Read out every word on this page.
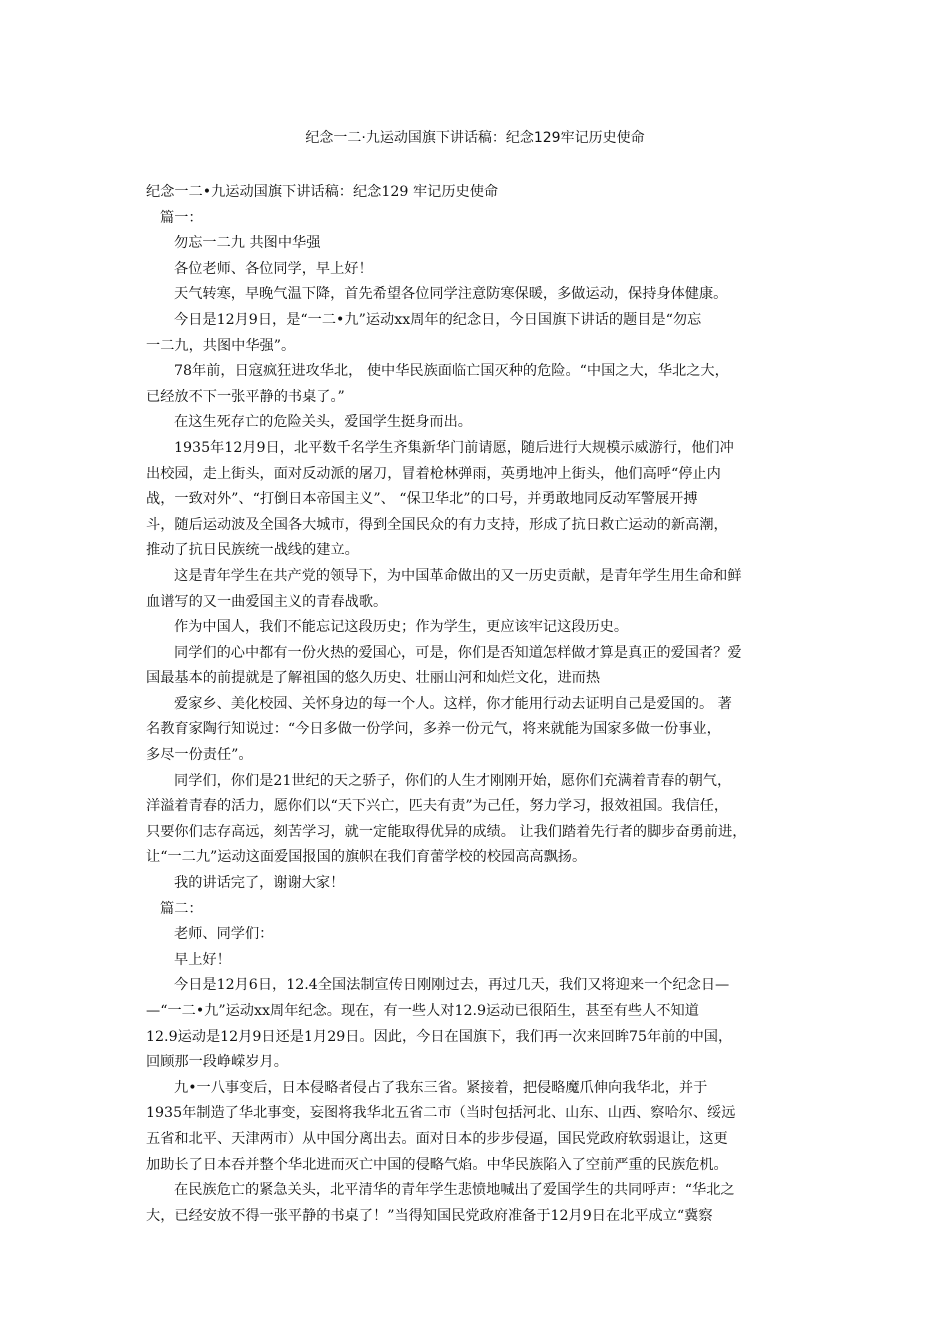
纪念一二·九运动国旗下讲话稿：纪念129牢记历史使命
纪念一二•九运动国旗下讲话稿：纪念129 牢记历史使命
篇一：
勿忘一二九 共图中华强
各位老师、各位同学，早上好！
天气转寒，早晚气温下降，首先希望各位同学注意防寒保暖，多做运动，保持身体健康。
今日是12月9日，是“一二•九”运动xx周年的纪念日，今日国旗下讲话的题目是“勿忘
一二九，共图中华强”。
78年前，日寇疯狂进攻华北， 使中华民族面临亡国灭种的危险。“中国之大，华北之大，
已经放不下一张平静的书桌了。”
在这生死存亡的危险关头，爱国学生挺身而出。
1935年12月9日，北平数千名学生齐集新华门前请愿，随后进行大规模示威游行，他们冲
出校园，走上街头，面对反动派的屠刀，冒着枪林弹雨，英勇地冲上街头，他们高呼“停止内
战，一致对外”、“打倒日本帝国主义”、 “保卫华北”的口号，并勇敢地同反动军警展开搏
斗，随后运动波及全国各大城市，得到全国民众的有力支持，形成了抗日救亡运动的新高潮，
推动了抗日民族统一战线的建立。
这是青年学生在共产党的领导下，为中国革命做出的又一历史贡献，是青年学生用生命和鲜
血谱写的又一曲爱国主义的青春战歌。
作为中国人，我们不能忘记这段历史；作为学生，更应该牢记这段历史。
同学们的心中都有一份火热的爱国心，可是，你们是否知道怎样做才算是真正的爱国者？爱
国最基本的前提就是了解祖国的悠久历史、壮丽山河和灿烂文化，进而热
爱家乡、美化校园、关怀身边的每一个人。这样，你才能用行动去证明自己是爱国的。 著
名教育家陶行知说过：“今日多做一份学问，多养一份元气，将来就能为国家多做一份事业，
多尽一份责任”。
同学们，你们是21世纪的天之骄子，你们的人生才刚刚开始，愿你们充满着青春的朝气，
洋溢着青春的活力，愿你们以“天下兴亡，匹夫有责”为己任，努力学习，报效祖国。我信任，
只要你们志存高远，刻苦学习，就一定能取得优异的成绩。 让我们踏着先行者的脚步奋勇前进，
让“一二九”运动这面爱国报国的旗帜在我们育蕾学校的校园高高飘扬。
我的讲话完了，谢谢大家！
篇二：
老师、同学们：
早上好！
今日是12月6日，12.4全国法制宣传日刚刚过去，再过几天，我们又将迎来一个纪念日—
—“一二•九”运动xx周年纪念。现在，有一些人对12.9运动已很陌生，甚至有些人不知道
12.9运动是12月9日还是1月29日。因此，今日在国旗下，我们再一次来回眸75年前的中国，
回顾那一段峥嵘岁月。
九•一八事变后，日本侵略者侵占了我东三省。紧接着，把侵略魔爪伸向我华北，并于
1935年制造了华北事变，妄图将我华北五省二市（当时包括河北、山东、山西、察哈尔、绥远
五省和北平、天津两市）从中国分离出去。面对日本的步步侵逼，国民党政府软弱退让，这更
加助长了日本吞并整个华北进而灭亡中国的侵略气焰。中华民族陷入了空前严重的民族危机。
在民族危亡的紧急关头，北平清华的青年学生悲愤地喊出了爱国学生的共同呼声：“华北之
大，已经安放不得一张平静的书桌了！”当得知国民党政府准备于12月9日在北平成立“冀察
